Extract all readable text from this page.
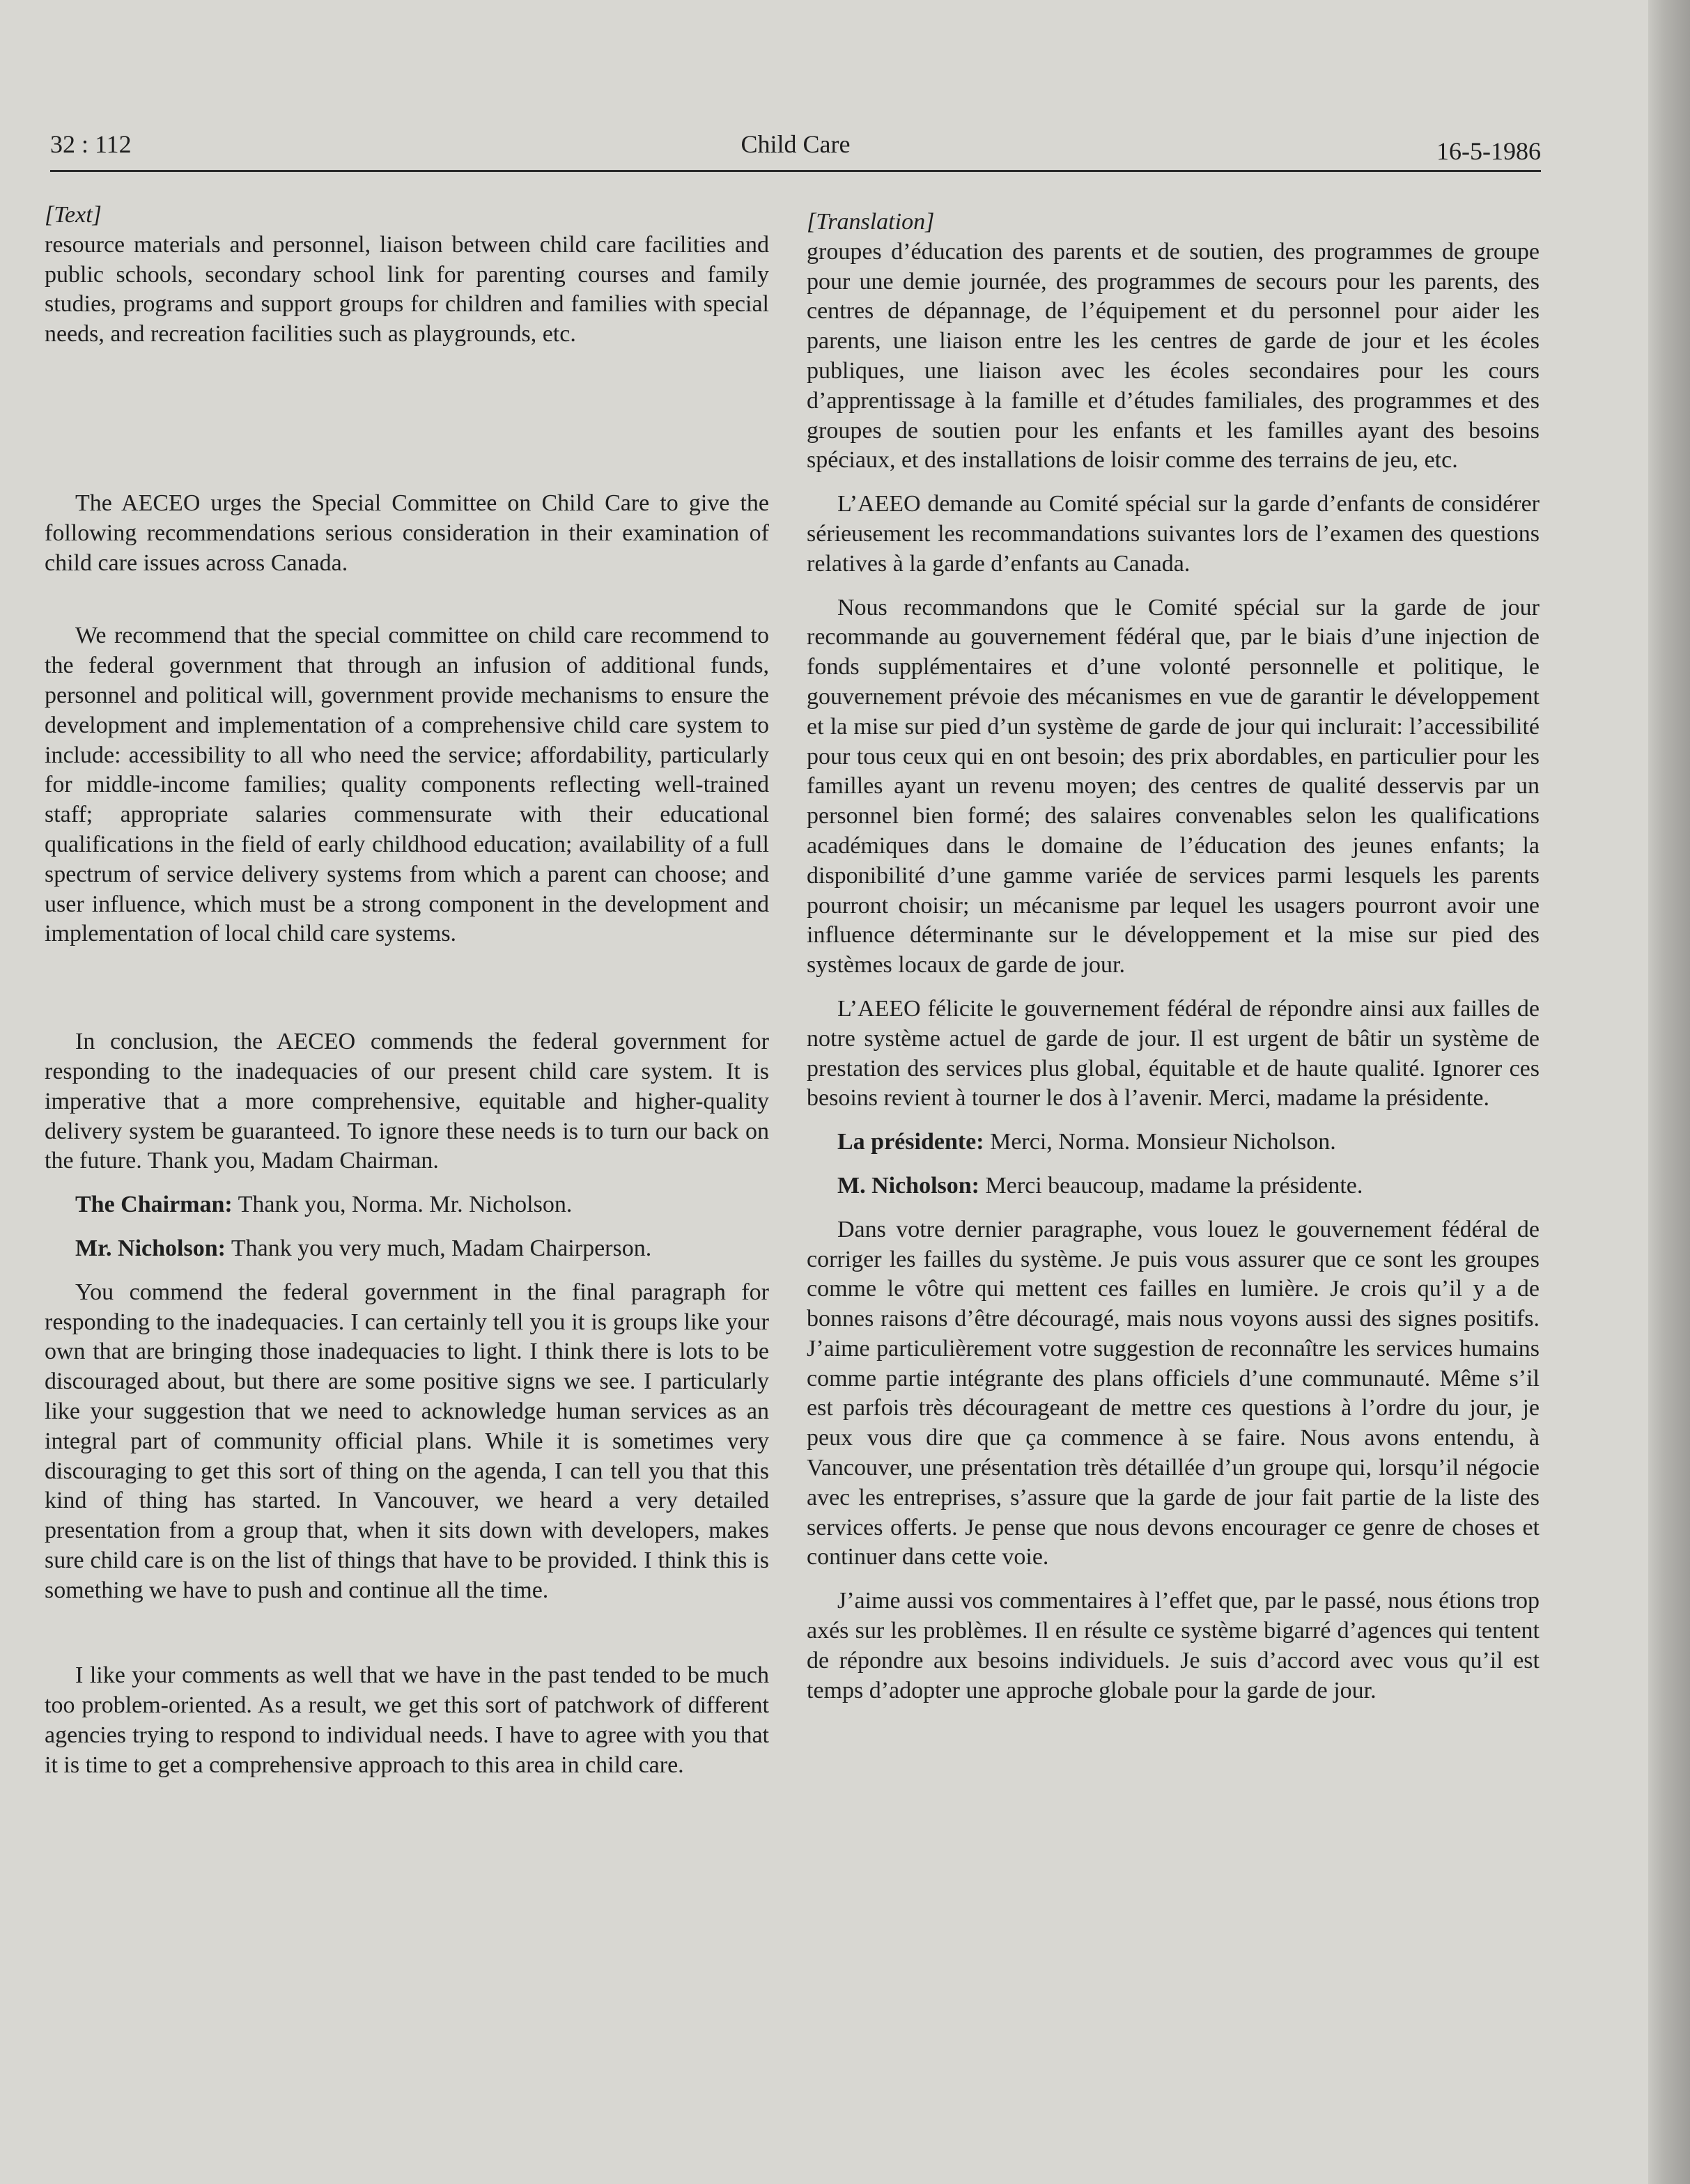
32 : 112	Child Care	16-5-1986
[Text]

resource materials and personnel, liaison between child care facilities and public schools, secondary school link for parenting courses and family studies, programs and support groups for children and families with special needs, and recreation facilities such as playgrounds, etc.

The AECEO urges the Special Committee on Child Care to give the following recommendations serious consideration in their examination of child care issues across Canada.

We recommend that the special committee on child care recommend to the federal government that through an infusion of additional funds, personnel and political will, government provide mechanisms to ensure the development and implementation of a comprehensive child care system to include: accessibility to all who need the service; affordability, particularly for middle-income families; quality components reflecting well-trained staff; appropriate salaries commensurate with their educational qualifications in the field of early childhood education; availability of a full spectrum of service delivery systems from which a parent can choose; and user influence, which must be a strong component in the development and implementation of local child care systems.

In conclusion, the AECEO commends the federal government for responding to the inadequacies of our present child care system. It is imperative that a more comprehensive, equitable and higher-quality delivery system be guaranteed. To ignore these needs is to turn our back on the future. Thank you, Madam Chairman.

The Chairman: Thank you, Norma. Mr. Nicholson.

Mr. Nicholson: Thank you very much, Madam Chairperson.

You commend the federal government in the final paragraph for responding to the inadequacies. I can certainly tell you it is groups like your own that are bringing those inadequacies to light. I think there is lots to be discouraged about, but there are some positive signs we see. I particularly like your suggestion that we need to acknowledge human services as an integral part of community official plans. While it is sometimes very discouraging to get this sort of thing on the agenda, I can tell you that this kind of thing has started. In Vancouver, we heard a very detailed presentation from a group that, when it sits down with developers, makes sure child care is on the list of things that have to be provided. I think this is something we have to push and continue all the time.

I like your comments as well that we have in the past tended to be much too problem-oriented. As a result, we get this sort of patchwork of different agencies trying to respond to individual needs. I have to agree with you that it is time to get a comprehensive approach to this area in child care.

[Translation]

groupes d’éducation des parents et de soutien, des programmes de groupe pour une demie journée, des programmes de secours pour les parents, des centres de dépannage, de l’équipement et du personnel pour aider les parents, une liaison entre les les centres de garde de jour et les écoles publiques, une liaison avec les écoles secondaires pour les cours d’apprentissage à la famille et d’études familiales, des programmes et des groupes de soutien pour les enfants et les familles ayant des besoins spéciaux, et des installations de loisir comme des terrains de jeu, etc.

L’AEEO demande au Comité spécial sur la garde d’enfants de considérer sérieusement les recommandations suivantes lors de l’examen des questions relatives à la garde d’enfants au Canada.

Nous recommandons que le Comité spécial sur la garde de jour recommande au gouvernement fédéral que, par le biais d’une injection de fonds supplémentaires et d’une volonté personnelle et politique, le gouvernement prévoie des mécanismes en vue de garantir le développement et la mise sur pied d’un système de garde de jour qui inclurait: l’accessibilité pour tous ceux qui en ont besoin; des prix abordables, en particulier pour les familles ayant un revenu moyen; des centres de qualité desservis par un personnel bien formé; des salaires convenables selon les qualifications académiques dans le domaine de l’éducation des jeunes enfants; la disponibilité d’une gamme variée de services parmi lesquels les parents pourront choisir; un mécanisme par lequel les usagers pourront avoir une influence déterminante sur le développement et la mise sur pied des systèmes locaux de garde de jour.

L’AEEO félicite le gouvernement fédéral de répondre ainsi aux failles de notre système actuel de garde de jour. Il est urgent de bâtir un système de prestation des services plus global, équitable et de haute qualité. Ignorer ces besoins revient à tourner le dos à l’avenir. Merci, madame la présidente.

La présidente: Merci, Norma. Monsieur Nicholson.

M. Nicholson: Merci beaucoup, madame la présidente.

Dans votre dernier paragraphe, vous louez le gouvernement fédéral de corriger les failles du système. Je puis vous assurer que ce sont les groupes comme le vôtre qui mettent ces failles en lumière. Je crois qu’il y a de bonnes raisons d’être découragé, mais nous voyons aussi des signes positifs. J’aime particulièrement votre suggestion de reconnaître les services humains comme partie intégrante des plans officiels d’une communauté. Même s’il est parfois très décourageant de mettre ces questions à l’ordre du jour, je peux vous dire que ça commence à se faire. Nous avons entendu, à Vancouver, une présentation très détaillée d’un groupe qui, lorsqu’il négocie avec les entreprises, s’assure que la garde de jour fait partie de la liste des services offerts. Je pense que nous devons encourager ce genre de choses et continuer dans cette voie.

J’aime aussi vos commentaires à l’effet que, par le passé, nous étions trop axés sur les problèmes. Il en résulte ce système bigarré d’agences qui tentent de répondre aux besoins individuels. Je suis d’accord avec vous qu’il est temps d’adopter une approche globale pour la garde de jour.
